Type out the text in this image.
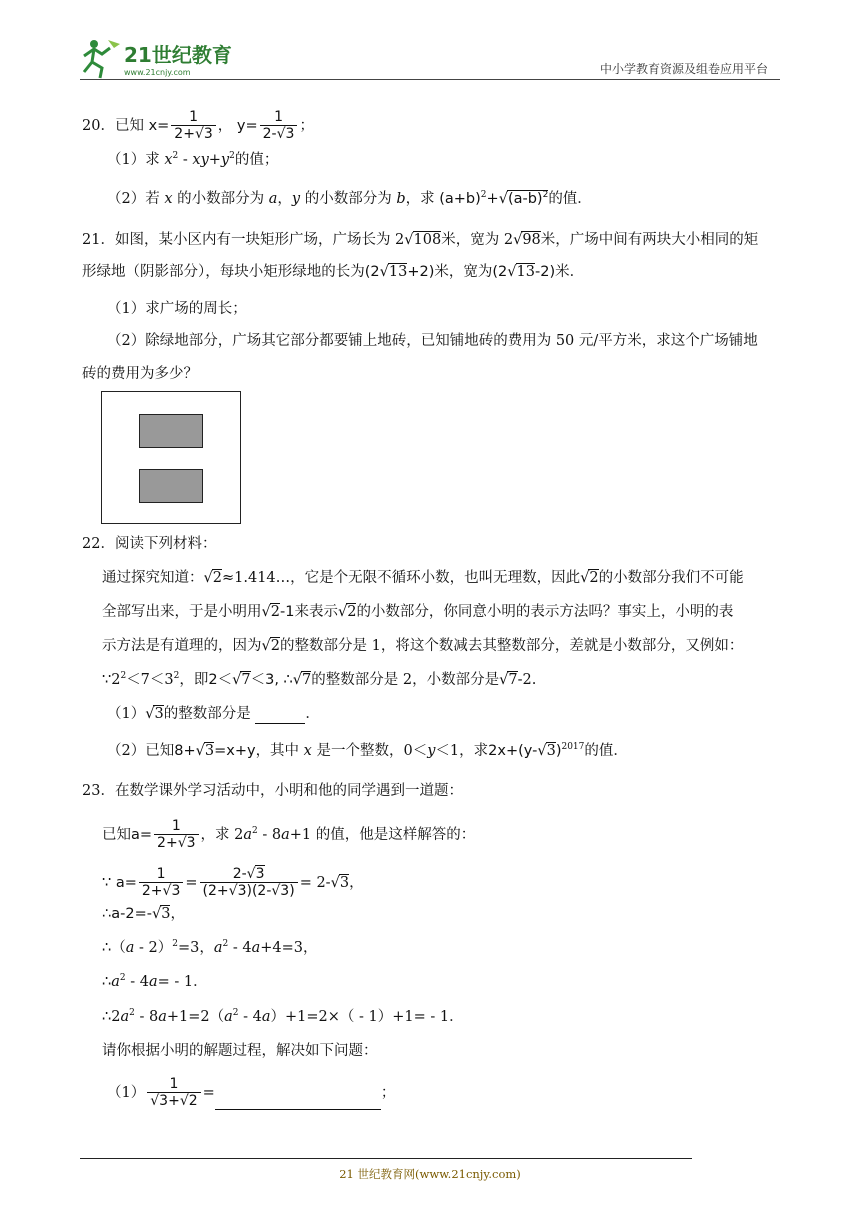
21世纪教育
www.21cnjy.com	中小学教育资源及组卷应用平台
20．已知 $x= \frac{1}{2+√3}$ ， $y= \frac{1}{2-√3}$ ；
（1）求 $x^2 - xy+y^2$的值；
（2）若 x 的小数部分为 a，y 的小数部分为 b，求 $(a+b)^2+√(a-b)^2$的值．
21．如图，某小区内有一块矩形广场，广场长为 2√108米，宽为 2√98米，广场中间有两块大小相同的矩
形绿地（阴影部分），每块小矩形绿地的长为(2√13+2)米，宽为(2√13-2)米．
（1）求广场的周长；
（2）除绿地部分，广场其它部分都要铺上地砖，已知铺地砖的费用为 50 元/平方米，求这个广场铺地
砖的费用为多少？
22．阅读下列材料：
通过探究知道：√2≈1.414…，它是个无限不循环小数，也叫无理数，因此√2的小数部分我们不可能
全部写出来，于是小明用√2-1来表示√2的小数部分，你同意小明的表示方法吗？事实上，小明的表
示方法是有道理的，因为√2的整数部分是 1，将这个数减去其整数部分，差就是小数部分，又例如：
$\because 2^2<7<3^2$，即2＜√7＜3, ∴√7的整数部分是 2，小数部分是√7-2.
（1）√3的整数部分是	．
（2）已知8+√3=x+y，其中 x 是一个整数，0＜y＜1，求$2x+(y-√3)^{2017}$的值．
23．在数学课外学习活动中，小明和他的同学遇到一道题：
已知$a= \frac{1}{2+√3}$ ，求 $2a^2 - 8a+1$ 的值，他是这样解答的：
∵ $a= \frac{1}{2+√3} = \frac{2-√3}{(2+√3)(2-√3)} = 2-√3$，
∴a-2=-√3，
∴（a - 2）$^2$=3，$a^2 - 4a+4=3$，
$\therefore a^2 - 4a= - 1$．
$\therefore 2a^2 - 8a+1=2(a^2 - 4a)+1=2\times( - 1)+1= - 1$．
请你根据小明的解题过程，解决如下问题：
$(1) \frac{1}{√3+√2}$ =	；
21 世纪教育网(www.21cnjy.com)
